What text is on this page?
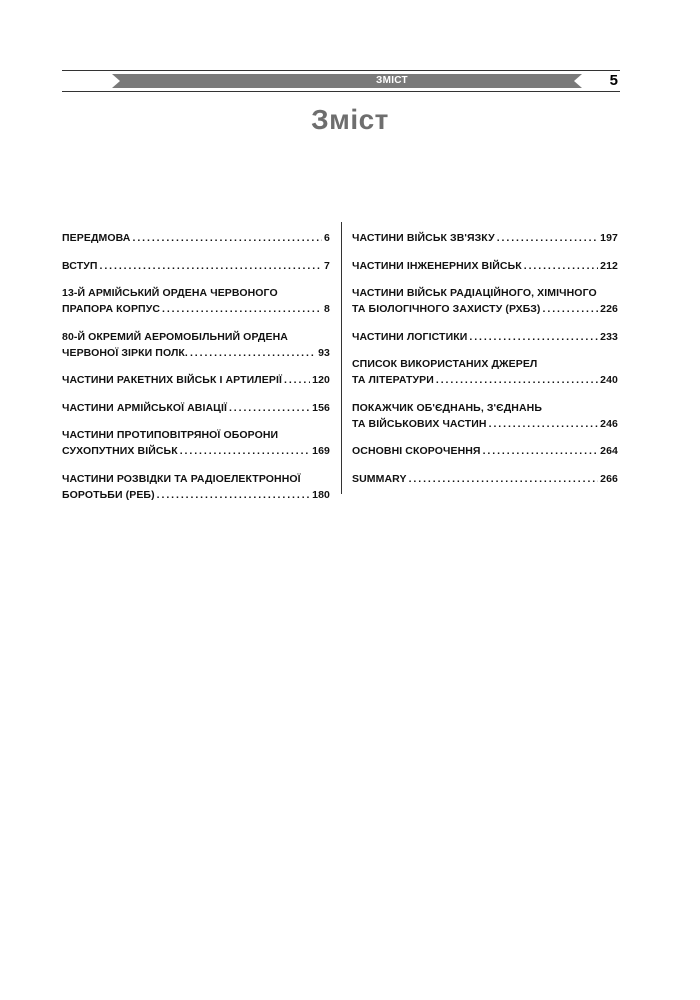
ЗМІСТ	5
Зміст
ПЕРЕДМОВА . . .	6
ВСТУП . . .	7
13-Й АРМІЙСЬКИЙ ОРДЕНА ЧЕРВОНОГО
ПРАПОРА КОРПУС . . .	8
80-Й ОКРЕМИЙ АЕРОМОБІЛЬНИЙ ОРДЕНА
ЧЕРВОНОЇ ЗІРКИ ПОЛК. . . .	93
ЧАСТИНИ РАКЕТНИХ ВІЙСЬК І АРТИЛЕРІЇ . . .	120
ЧАСТИНИ АРМІЙСЬКОЇ АВІАЦІЇ . . .	156
ЧАСТИНИ ПРОТИПОВІТРЯНОЇ ОБОРОНИ
СУХОПУТНИХ ВІЙСЬК . . .	169
ЧАСТИНИ РОЗВІДКИ ТА РАДІОЕЛЕКТРОННОЇ
БОРОТЬБИ (РЕБ) . . .	180
ЧАСТИНИ ВІЙСЬК ЗВ'ЯЗКУ . . .	197
ЧАСТИНИ ІНЖЕНЕРНИХ ВІЙСЬК . . .	212
ЧАСТИНИ ВІЙСЬК РАДІАЦІЙНОГО, ХІМІЧНОГО
ТА БІОЛОГІЧНОГО ЗАХИСТУ (РХБЗ) . . .	226
ЧАСТИНИ ЛОГІСТИКИ . . .	233
СПИСОК ВИКОРИСТАНИХ ДЖЕРЕЛ
ТА ЛІТЕРАТУРИ . . .	240
ПОКАЖЧИК ОБ'ЄДНАНЬ, З'ЄДНАНЬ
ТА ВІЙСЬКОВИХ ЧАСТИН . . .	246
ОСНОВНІ СКОРОЧЕННЯ . . .	264
SUMMARY . . .	266
